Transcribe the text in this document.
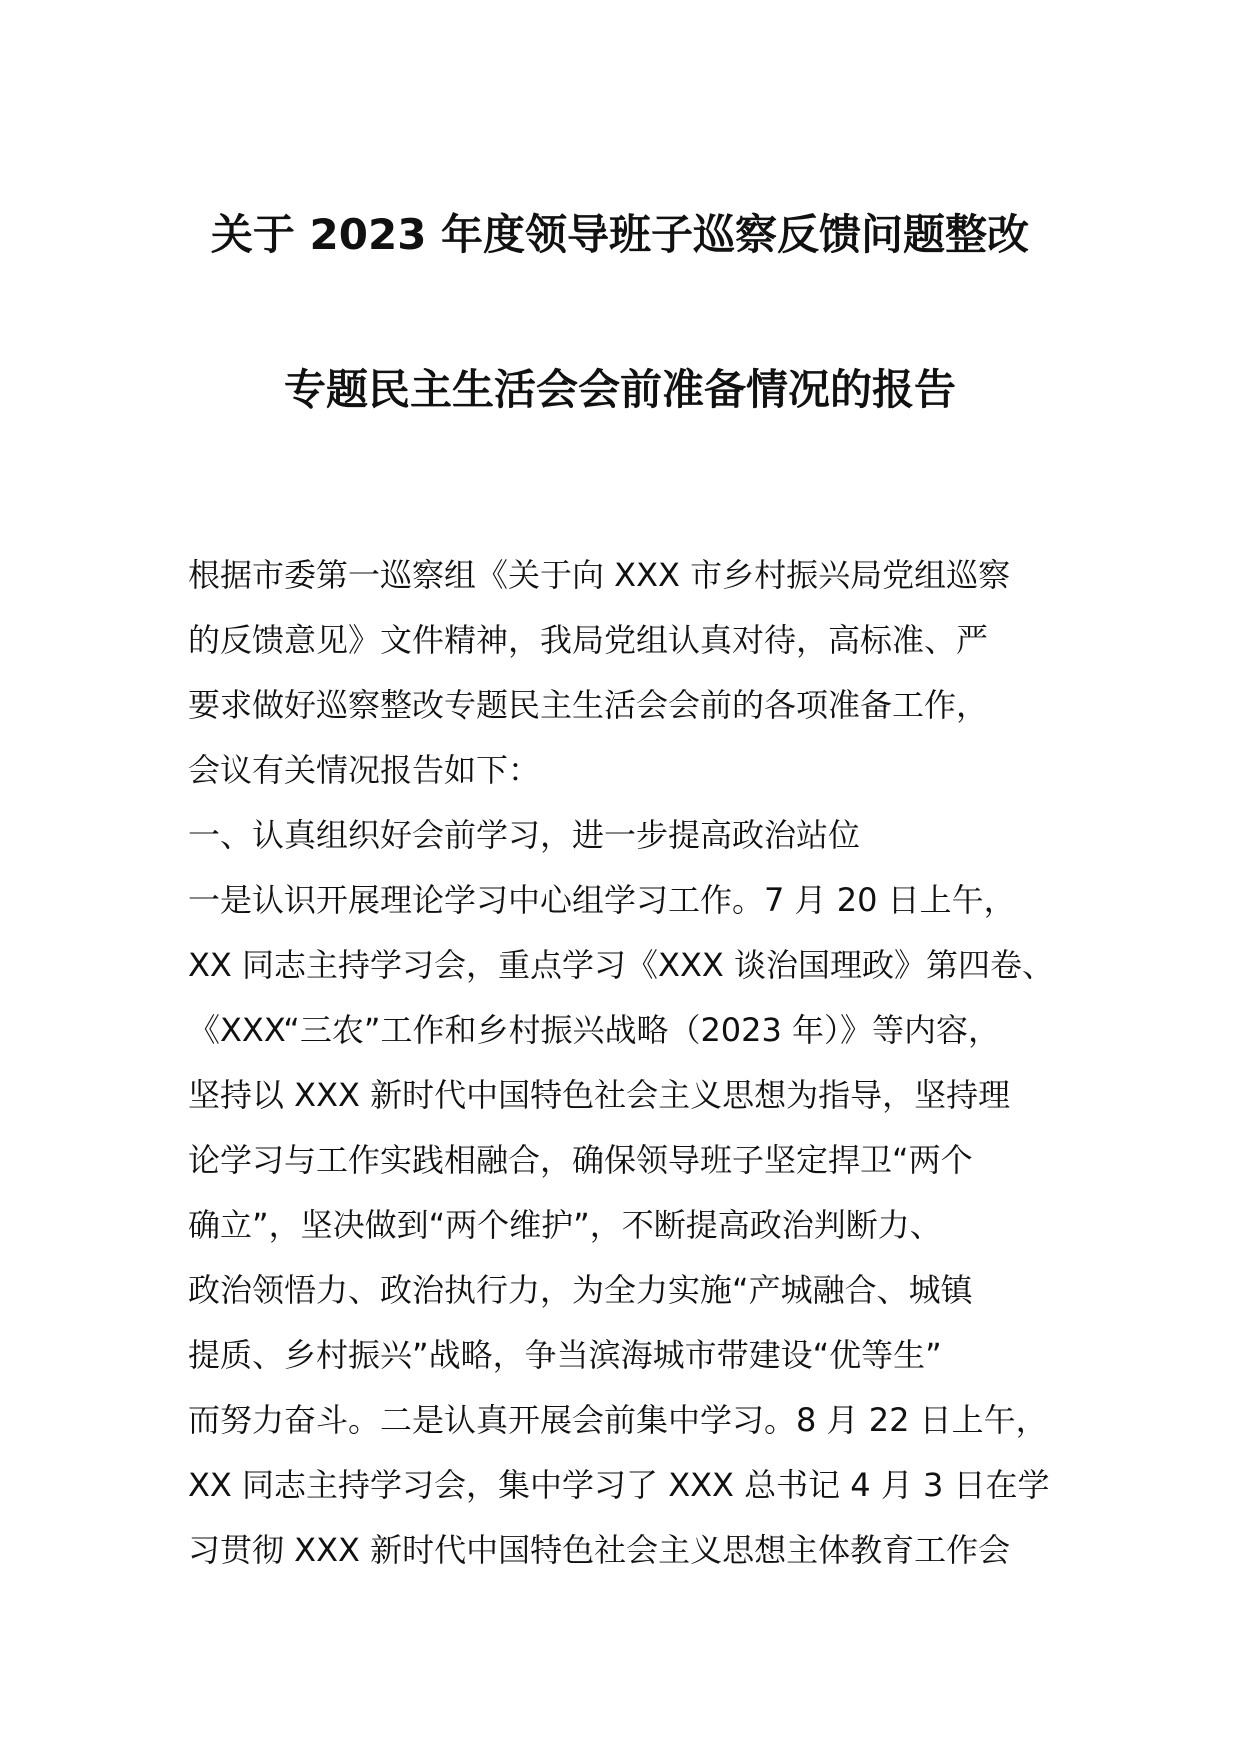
关于 2023 年度领导班子巡察反馈问题整改
专题民主生活会会前准备情况的报告
根据市委第一巡察组《关于向 XXX 市乡村振兴局党组巡察
的反馈意见》文件精神，我局党组认真对待，高标准、严
要求做好巡察整改专题民主生活会会前的各项准备工作，
会议有关情况报告如下：
一、认真组织好会前学习，进一步提高政治站位
一是认识开展理论学习中心组学习工作。7 月 20 日上午，
XX 同志主持学习会，重点学习《XXX 谈治国理政》第四卷、
《XXX“三农”工作和乡村振兴战略（2023 年）》等内容，
坚持以 XXX 新时代中国特色社会主义思想为指导，坚持理
论学习与工作实践相融合，确保领导班子坚定捍卫“两个
确立”，坚决做到“两个维护”，不断提高政治判断力、
政治领悟力、政治执行力，为全力实施“产城融合、城镇
提质、乡村振兴”战略，争当滨海城市带建设“优等生”
而努力奋斗。二是认真开展会前集中学习。8 月 22 日上午，
XX 同志主持学习会，集中学习了 XXX 总书记 4 月 3 日在学
习贯彻 XXX 新时代中国特色社会主义思想主体教育工作会
